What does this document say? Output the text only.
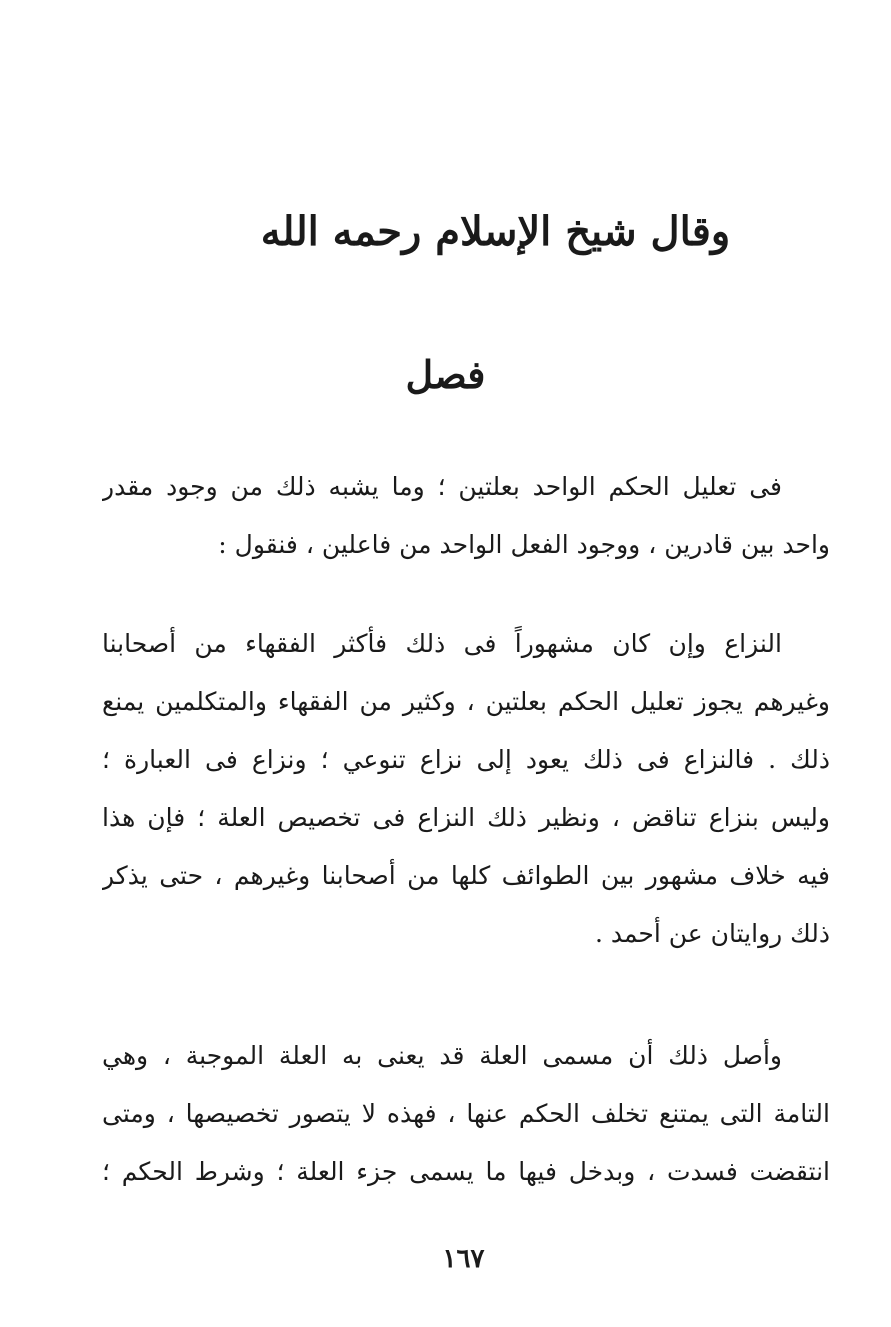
وقال شيخ الإسلام رحمه الله
فصل
فى تعليل الحكم الواحد بعلتين ؛ وما يشبه ذلك من وجود مقدر
واحد بين قادرين ، ووجود الفعل الواحد من فاعلين ، فنقول :
النزاع وإن كان مشهوراً فى ذلك فأكثر الفقهاء من أصحابنا
وغيرهم يجوز تعليل الحكم بعلتين ، وكثير من الفقهاء والمتكلمين يمنع
ذلك . فالنزاع فى ذلك يعود إلى نزاع تنوعي ؛ ونزاع فى العبارة ؛
وليس بنزاع تناقض ، ونظير ذلك النزاع فى تخصيص العلة ؛ فإن هذا
فيه خلاف مشهور بين الطوائف كلها من أصحابنا وغيرهم ، حتى يذكر
ذلك روايتان عن أحمد .
وأصل ذلك أن مسمى العلة قد يعنى به العلة الموجبة ، وهي
التامة التى يمتنع تخلف الحكم عنها ، فهذه لا يتصور تخصيصها ، ومتى
انتقضت فسدت ، وبدخل فيها ما يسمى جزء العلة ؛ وشرط الحكم ؛
١٦٧
